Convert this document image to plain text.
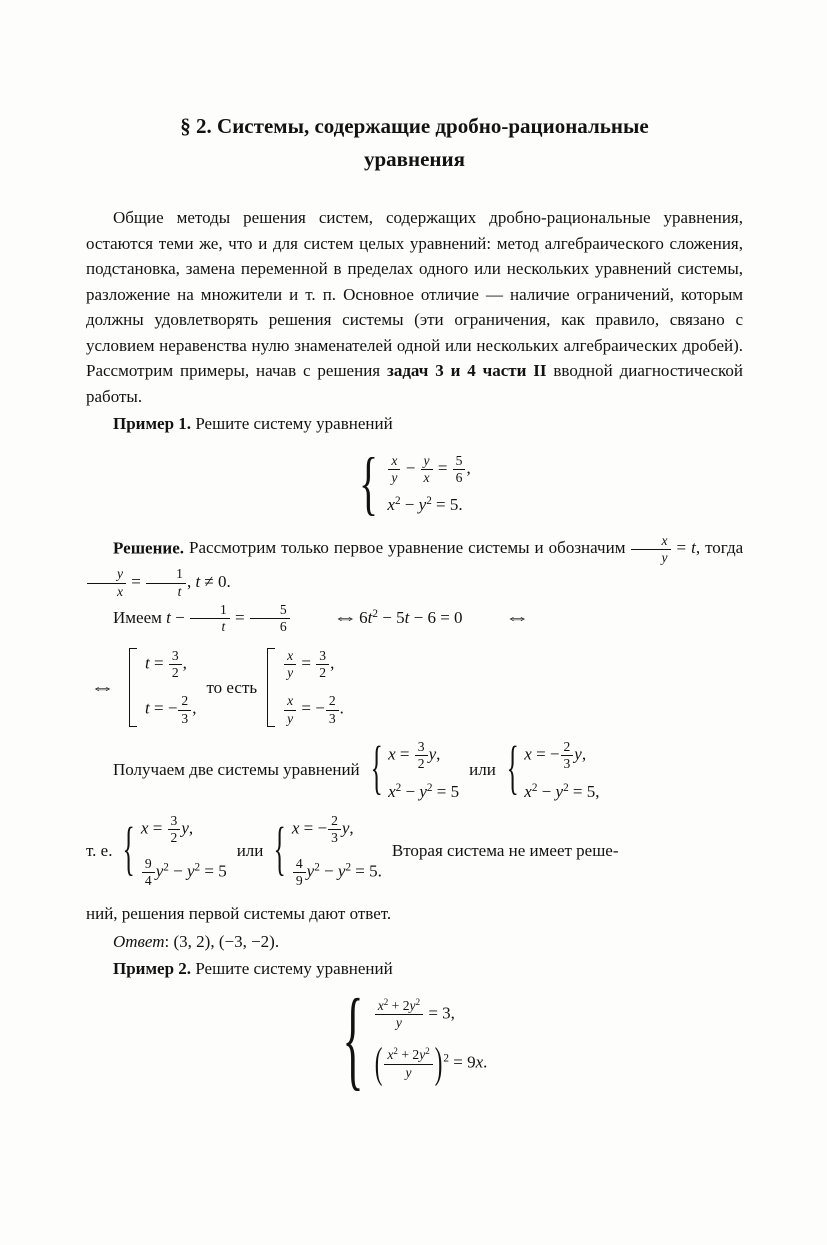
§ 2. Системы, содержащие дробно-рациональные
уравнения

Общие методы решения систем, содержащих дробно-рациональные уравнения, остаются теми же, что и для систем целых уравнений: метод алгебраического сложения, подстановка, замена переменной в пределах одного или нескольких уравнений системы, разложение на множители и т. п. Основное отличие — наличие ограничений, которым должны удовлетворять решения системы (эти ограничения, как правило, связано с условием неравенства нулю знаменателей одной или нескольких алгебраических дробей). Рассмотрим примеры, начав с решения задач 3 и 4 части II вводной диагностической работы.

Пример 1. Решите систему уравнений

{ $\frac{x}{y} - \frac{y}{x} = \frac{5}{6}$ ,
$x^2 - y^2 = 5$.

Решение. Рассмотрим только первое уравнение системы и обозначим $\frac{x}{y} = t$, тогда
$\frac{y}{x} = \frac{1}{t}$ , t ≠ 0.

Имеем $t - \frac{1}{t} = \frac{5}{6}$	⇔ $6t^2 - 5t - 6 = 0$ ⇔

⇔
$t = \frac{3}{2}$ ,
t = − $\frac{2}{3}$ ,
то есть
$\frac{x}{y} = \frac{3}{2}$ ,
$\frac{x}{y}$ = − $\frac{2}{3}$ .
Получаем две системы уравнений { $x = \frac{3}{2} y$,
$x^2 - y^2 = 5$
или { x = − $\frac{2}{3} y$,
$x^2 - y^2 = 5$,
т. е. { $x = \frac{3}{2} y$,
$\frac{9}{4} y^2 - y^2 = 5$
или { x = − $\frac{2}{3} y$,
$\frac{4}{9} y^2 - y^2 = 5$.
Вторая система не имеет реше-

ний, решения первой системы дают ответ.

Ответ: (3, 2), (−3, −2).

Пример 2. Решите систему уравнений

{ $\frac{x^2 + 2y^2}{y} = 3$,
( $\frac{x^2 + 2y^2}{y} )^2 = 9x$.
